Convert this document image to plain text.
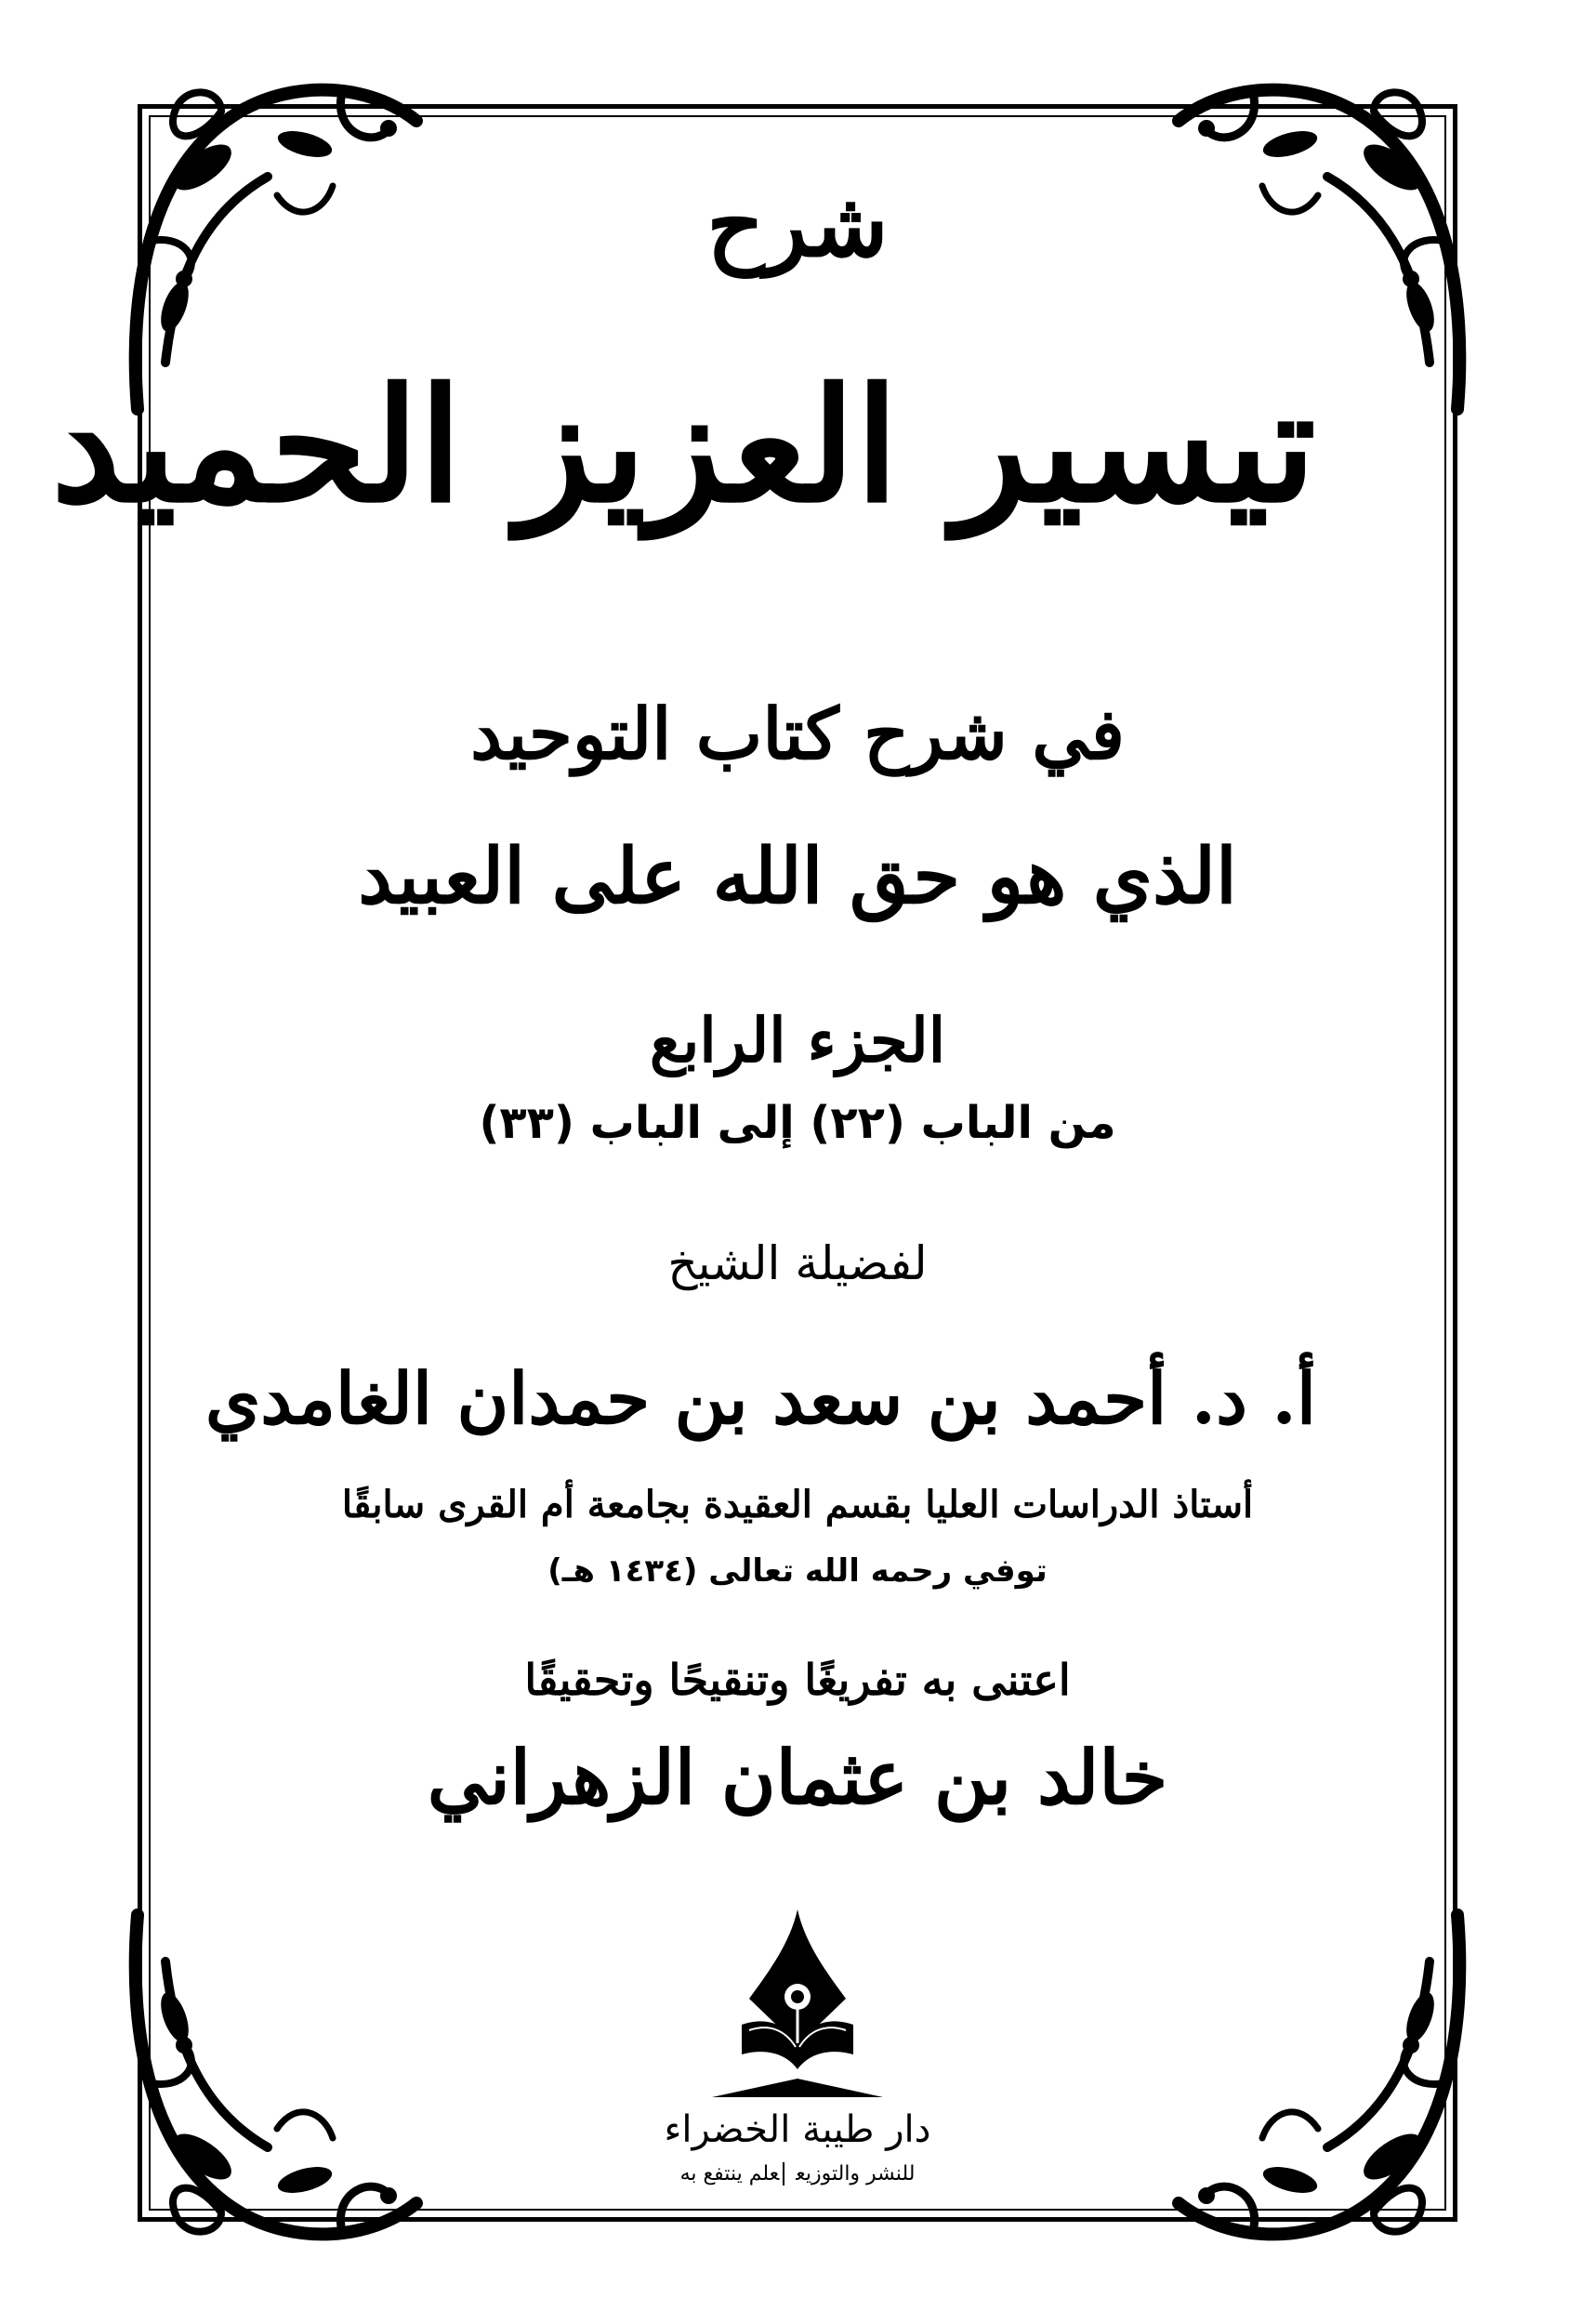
شرح
تيسير العزيز الحميد
في شرح كتاب التوحيد
الذي هو حق الله على العبيد
الجزء الرابع
من الباب (٢٢) إلى الباب (٣٣)
لفضيلة الشيخ
أ. د. أحمد بن سعد بن حمدان الغامدي
أستاذ الدراسات العليا بقسم العقيدة بجامعة أم القرى سابقًا
توفي رحمه الله تعالى (١٤٣٤ هـ)
اعتنى به تفريغًا وتنقيحًا وتحقيقًا
خالد بن عثمان الزهراني
دار طيبة الخضراء
للنشر والتوزيععلم ينتفع به
